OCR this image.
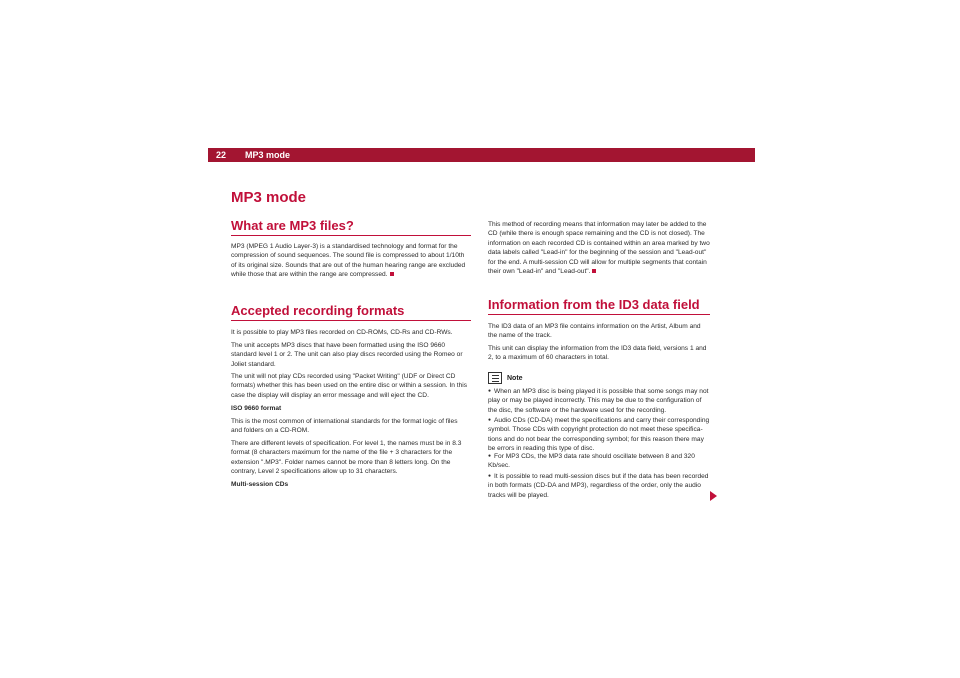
22 MP3 mode
MP3 mode
What are MP3 files?

MP3 (MPEG 1 Audio Layer-3) is a standardised technology and format for the compression of sound sequences. The sound file is compressed to about 1/10th of its original size. Sounds that are out of the human hearing range are excluded while those that are within the range are compressed.

Accepted recording formats

It is possible to play MP3 files recorded on CD-ROMs, CD-Rs and CD-RWs.

The unit accepts MP3 discs that have been formatted using the ISO 9660 standard level 1 or 2. The unit can also play discs recorded using the Romeo or Joliet standard.

The unit will not play CDs recorded using "Packet Writing" (UDF or Direct CD formats) whether this has been used on the entire disc or within a session. In this case the display will display an error message and will eject the CD.

ISO 9660 format

This is the most common of international standards for the format logic of files and folders on a CD-ROM.

There are different levels of specification. For level 1, the names must be in 8.3 format (8 characters maximum for the name of the file + 3 characters for the extension ".MP3". Folder names cannot be more than 8 letters long. On the contrary, Level 2 specifications allow up to 31 characters.

Multi-session CDs

This method of recording means that information may later be added to the CD (while there is enough space remaining and the CD is not closed). The information on each recorded CD is contained within an area marked by two data labels called "Lead-in" for the beginning of the session and "Lead-out" for the end. A multi-session CD will allow for multiple segments that contain their own "Lead-in" and "Lead-out".

Information from the ID3 data field

The ID3 data of an MP3 file contains information on the Artist, Album and the name of the track.

This unit can display the information from the ID3 data field, versions 1 and 2, to a maximum of 60 characters in total.

Note

● When an MP3 disc is being played it is possible that some songs may not play or may be played incorrectly. This may be due to the configuration of the disc, the software or the hardware used for the recording.

● Audio CDs (CD-DA) meet the specifications and carry their corresponding symbol. Those CDs with copyright protection do not meet these specifica-tions and do not bear the corresponding symbol; for this reason there may be errors in reading this type of disc.

● For MP3 CDs, the MP3 data rate should oscillate between 8 and 320 Kb/sec.

● It is possible to read multi-session discs but if the data has been recorded in both formats (CD-DA and MP3), regardless of the order, only the audio tracks will be played.
